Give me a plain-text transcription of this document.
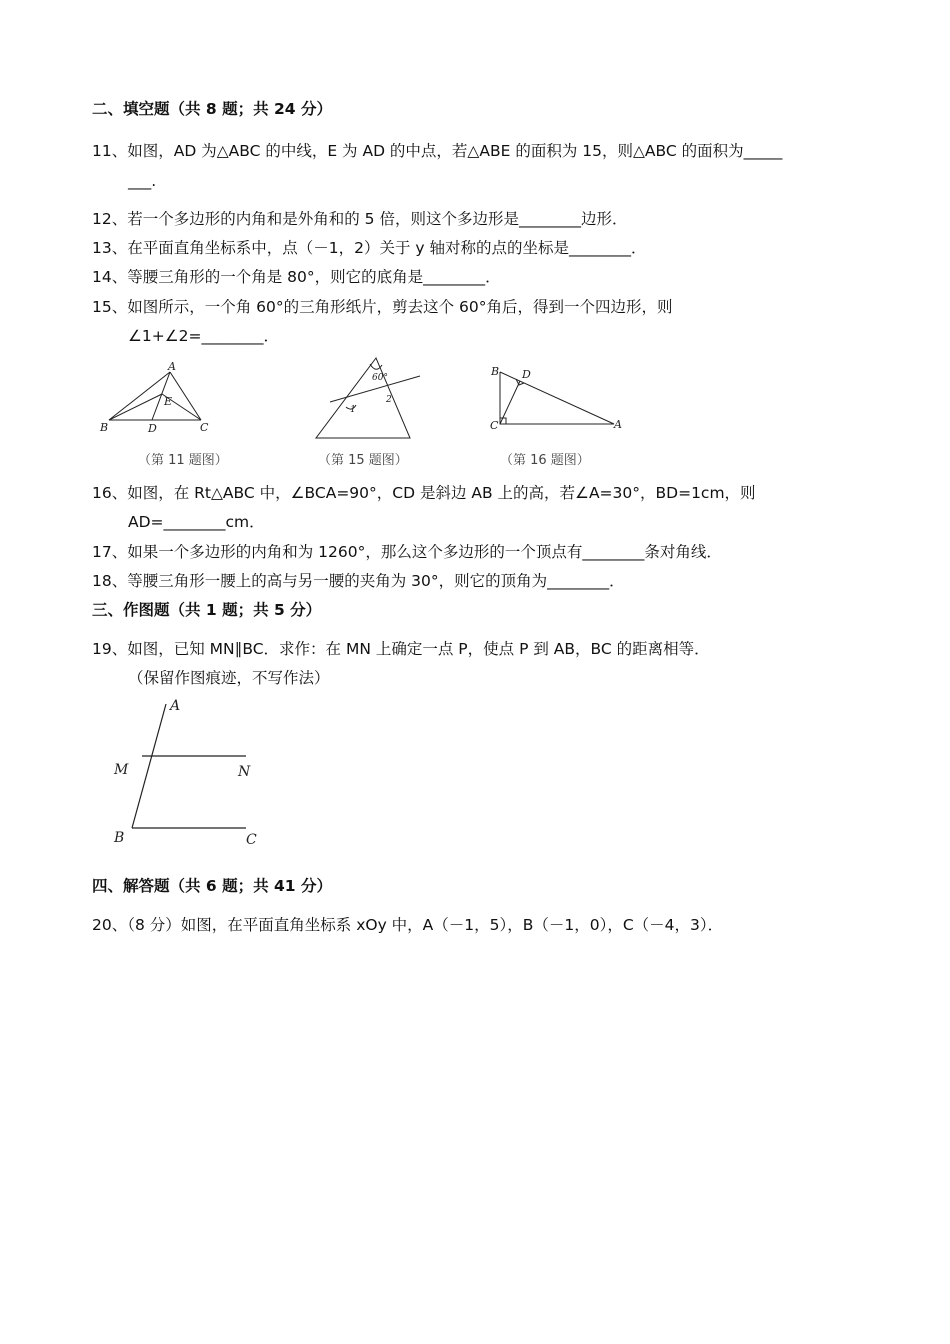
二、填空题（共 8 题；共 24 分）
11、如图，AD 为△ABC 的中线，E 为 AD 的中点，若△ABE 的面积为 15，则△ABC 的面积为_____
___.
12、若一个多边形的内角和是外角和的 5 倍，则这个多边形是________边形．
13、在平面直角坐标系中，点（－1，2）关于 y 轴对称的点的坐标是________．
14、等腰三角形的一个角是 80°，则它的底角是________．
15、如图所示，一个角 60°的三角形纸片，剪去这个 60°角后，得到一个四边形，则
∠1+∠2=________．
A
B	C
D
E
（第 11 题图）
60°
1
2
（第 15 题图）
B D
C	A
（第 16 题图）
16、如图，在 Rt△ABC 中，∠BCA=90°，CD 是斜边 AB 上的高，若∠A=30°，BD=1cm，则
AD=________cm．
17、如果一个多边形的内角和为 1260°，那么这个多边形的一个顶点有________条对角线．
18、等腰三角形一腰上的高与另一腰的夹角为 30°，则它的顶角为________．
三、作图题（共 1 题；共 5 分）
19、如图，已知 MN∥BC．求作：在 MN 上确定一点 P，使点 P 到 AB，BC 的距离相等．
（保留作图痕迹，不写作法）
A
M	N
B	C
四、解答题（共 6 题；共 41 分）
20、（8 分）如图，在平面直角坐标系 xOy 中，A（－1，5），B（－1，0），C（－4，3）．
